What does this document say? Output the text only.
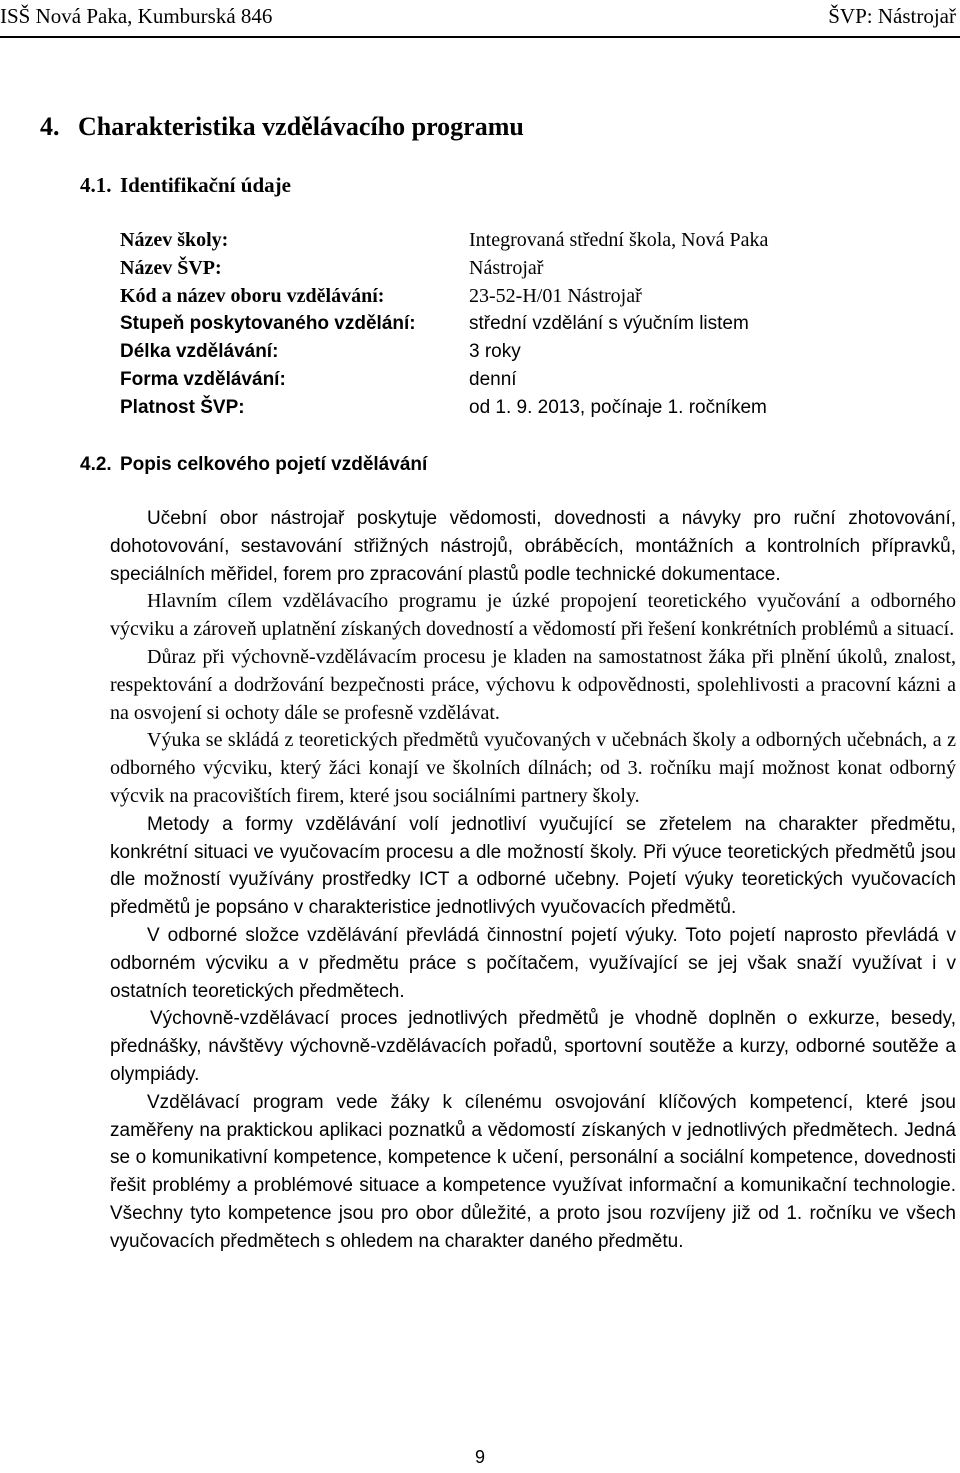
ISŠ Nová Paka, Kumburská 846	ŠVP: Nástrojař
4. Charakteristika vzdělávacího programu
4.1. Identifikační údaje
Název školy:	Integrovaná střední škola, Nová Paka
Název ŠVP:	Nástrojař
Kód a název oboru vzdělávání:	23-52-H/01 Nástrojař
Stupeň poskytovaného vzdělání:	střední vzdělání s výučním listem
Délka vzdělávání:	3 roky
Forma vzdělávání:	denní
Platnost ŠVP:	od 1. 9. 2013, počínaje 1. ročníkem
4.2. Popis celkového pojetí vzdělávání

Učební obor nástrojař poskytuje vědomosti, dovednosti a návyky pro ruční zhotovování, dohotovování, sestavování střižných nástrojů, obráběcích, montážních a kontrolních přípravků, speciálních měřidel, forem pro zpracování plastů podle technické dokumentace.

Hlavním cílem vzdělávacího programu je úzké propojení teoretického vyučování a odborného výcviku a zároveň uplatnění získaných dovedností a vědomostí při řešení konkrétních problémů a situací.

Důraz při výchovně-vzdělávacím procesu je kladen na samostatnost žáka při plnění úkolů, znalost, respektování a dodržování bezpečnosti práce, výchovu k odpovědnosti, spolehlivosti a pracovní kázni a na osvojení si ochoty dále se profesně vzdělávat.

Výuka se skládá z teoretických předmětů vyučovaných v učebnách školy a odborných učebnách, a z odborného výcviku, který žáci konají ve školních dílnách; od 3. ročníku mají možnost konat odborný výcvik na pracovištích firem, které jsou sociálními partnery školy.

Metody a formy vzdělávání volí jednotliví vyučující se zřetelem na charakter předmětu, konkrétní situaci ve vyučovacím procesu a dle možností školy. Při výuce teoretických předmětů jsou dle možností využívány prostředky ICT a odborné učebny. Pojetí výuky teoretických vyučovacích předmětů je popsáno v charakteristice jednotlivých vyučovacích předmětů.

V odborné složce vzdělávání převládá činnostní pojetí výuky. Toto pojetí naprosto převládá v odborném výcviku a v předmětu práce s počítačem, využívající se jej však snaží využívat i v ostatních teoretických předmětech.

Výchovně-vzdělávací proces jednotlivých předmětů je vhodně doplněn o exkurze, besedy, přednášky, návštěvy výchovně-vzdělávacích pořadů, sportovní soutěže a kurzy, odborné soutěže a olympiády.

Vzdělávací program vede žáky k cílenému osvojování klíčových kompetencí, které jsou zaměřeny na praktickou aplikaci poznatků a vědomostí získaných v jednotlivých předmětech. Jedná se o komunikativní kompetence, kompetence k učení, personální a sociální kompetence, dovednosti řešit problémy a problémové situace a kompetence využívat informační a komunikační technologie. Všechny tyto kompetence jsou pro obor důležité, a proto jsou rozvíjeny již od 1. ročníku ve všech vyučovacích předmětech s ohledem na charakter daného předmětu.

9
